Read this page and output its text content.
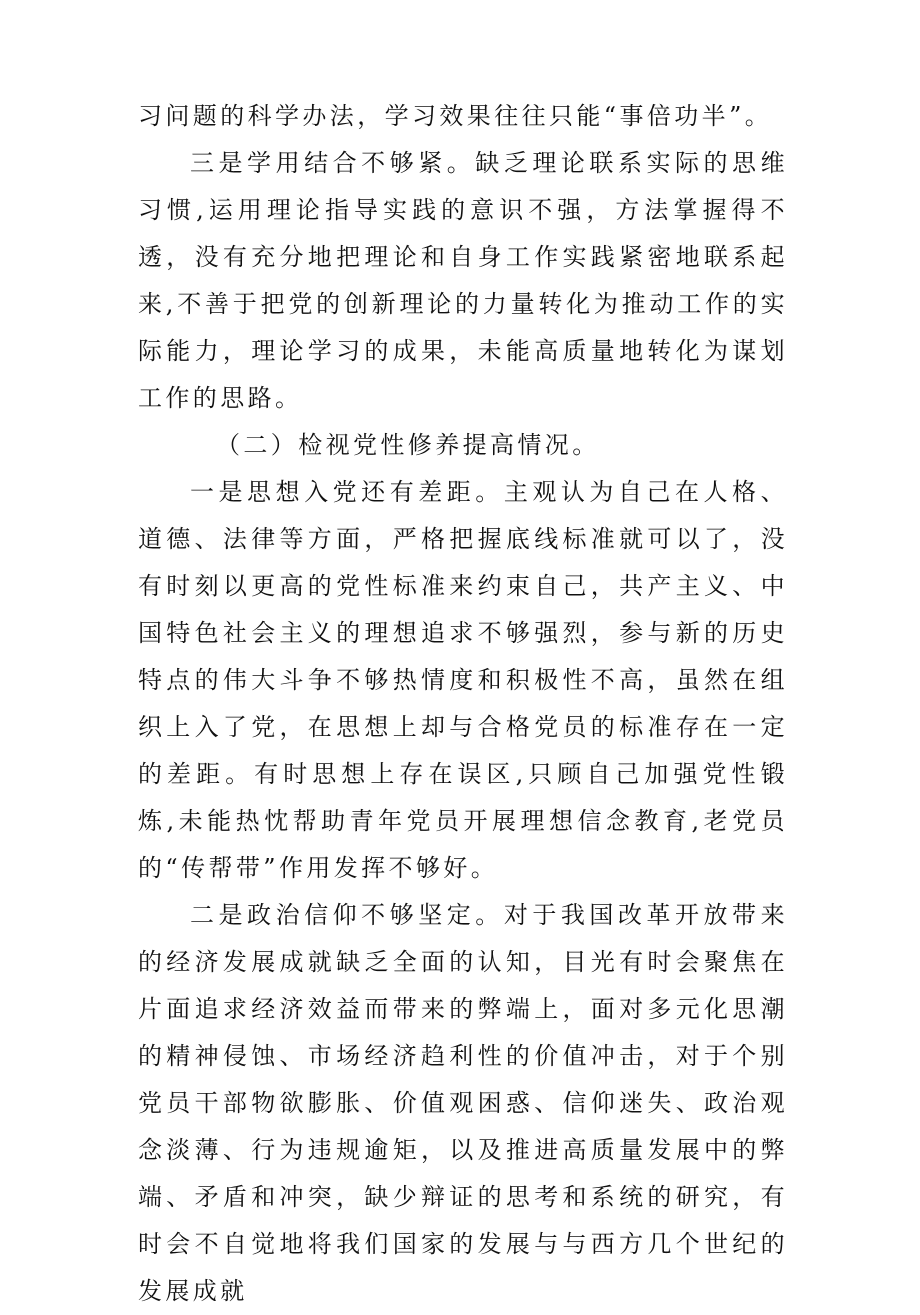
习问题的科学办法，学习效果往往只能“事倍功半”。

三是学用结合不够紧。缺乏理论联系实际的思维习惯,运用理论指导实践的意识不强，方法掌握得不透，没有充分地把理论和自身工作实践紧密地联系起来,不善于把党的创新理论的力量转化为推动工作的实际能力，理论学习的成果，未能高质量地转化为谋划工作的思路。

（二）检视党性修养提高情况。

一是思想入党还有差距。主观认为自己在人格、道德、法律等方面，严格把握底线标准就可以了，没有时刻以更高的党性标准来约束自己，共产主义、中国特色社会主义的理想追求不够强烈，参与新的历史特点的伟大斗争不够热情度和积极性不高，虽然在组织上入了党，在思想上却与合格党员的标准存在一定的差距。有时思想上存在误区,只顾自己加强党性锻炼,未能热忱帮助青年党员开展理想信念教育,老党员的“传帮带”作用发挥不够好。

二是政治信仰不够坚定。对于我国改革开放带来的经济发展成就缺乏全面的认知，目光有时会聚焦在片面追求经济效益而带来的弊端上，面对多元化思潮的精神侵蚀、市场经济趋利性的价值冲击，对于个别党员干部物欲膨胀、价值观困惑、信仰迷失、政治观念淡薄、行为违规逾矩，以及推进高质量发展中的弊端、矛盾和冲突，缺少辩证的思考和系统的研究，有时会不自觉地将我们国家的发展与与西方几个世纪的发展成就
